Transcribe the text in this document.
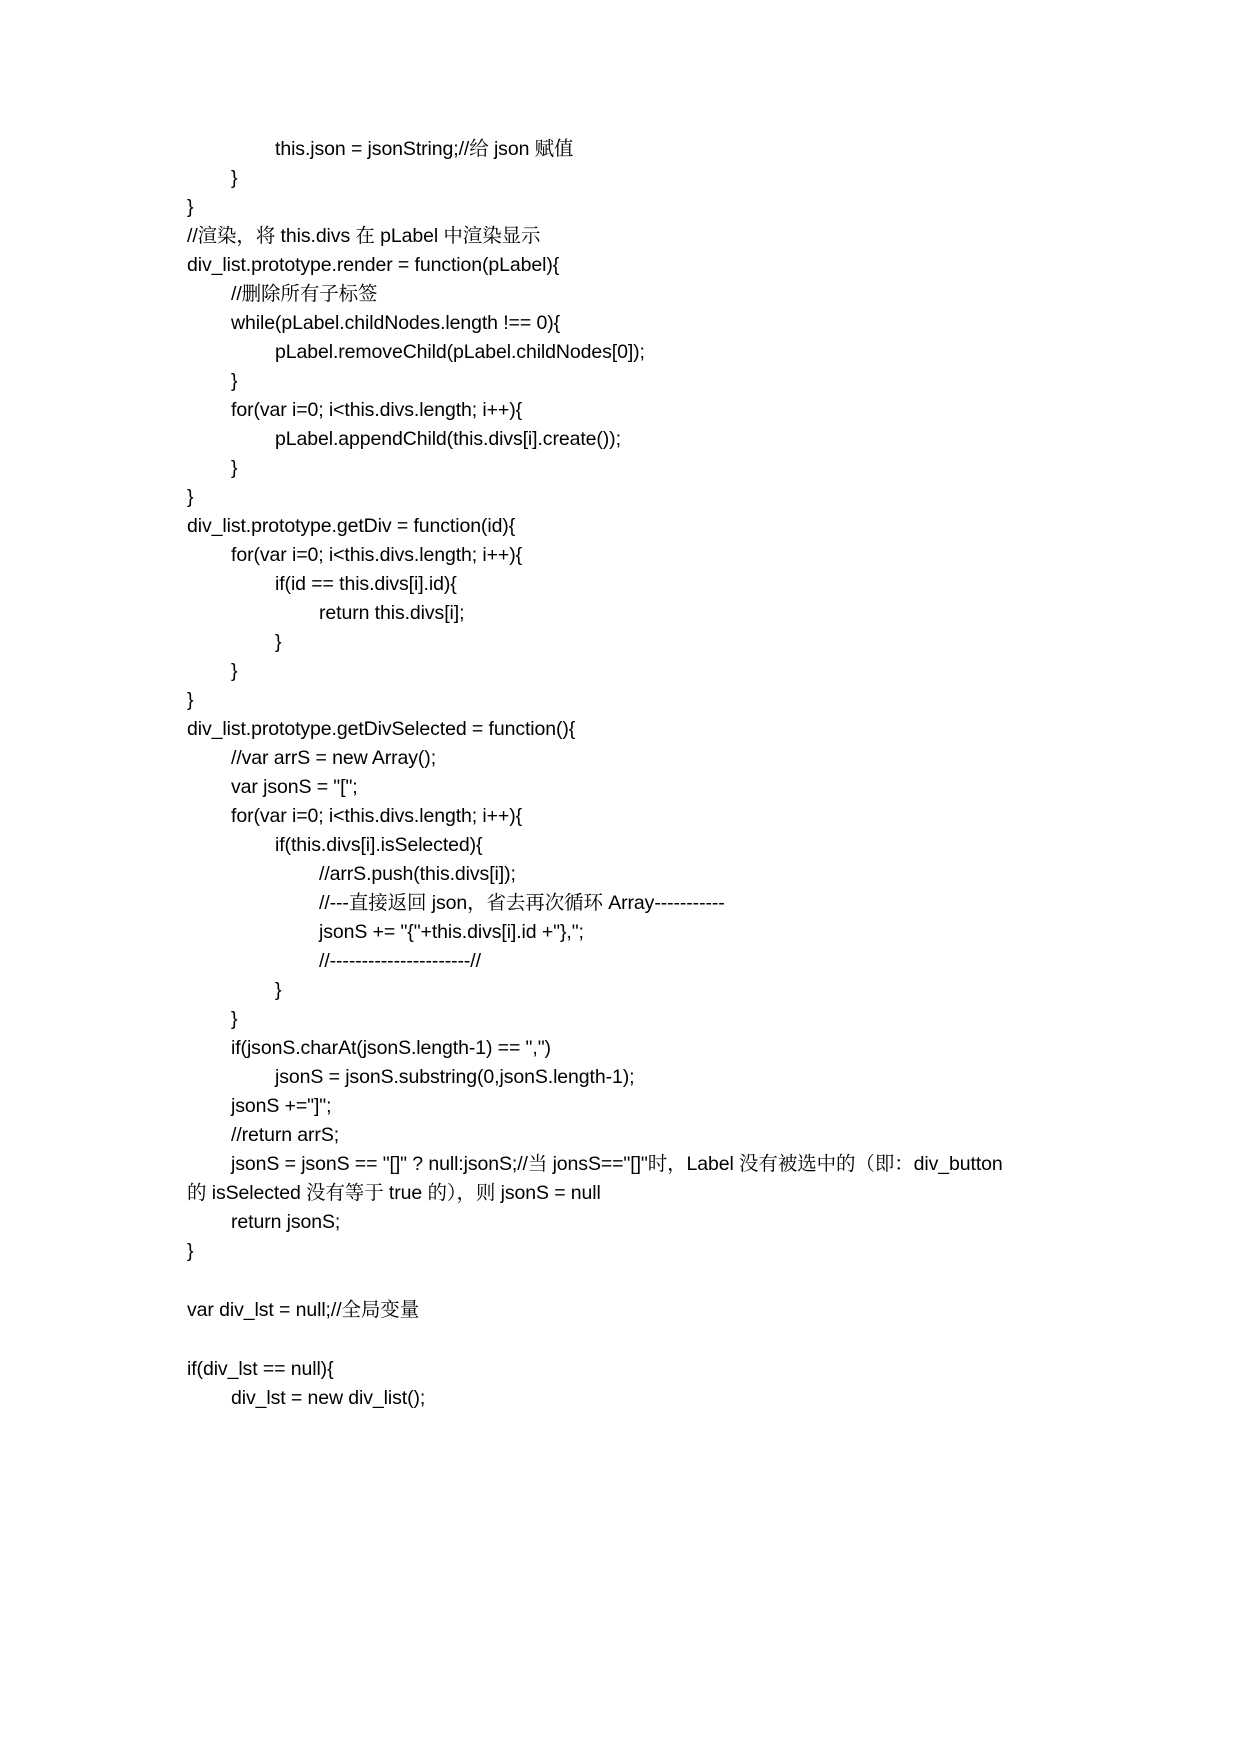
this.json = jsonString;//给 json 赋值
}
}
//渲染，将 this.divs 在 pLabel 中渲染显示
div_list.prototype.render = function(pLabel){
//删除所有子标签
while(pLabel.childNodes.length !== 0){
pLabel.removeChild(pLabel.childNodes[0]);
}
for(var i=0; i<this.divs.length; i++){
pLabel.appendChild(this.divs[i].create());
}
}
div_list.prototype.getDiv = function(id){
for(var i=0; i<this.divs.length; i++){
if(id == this.divs[i].id){
return this.divs[i];
}
}
}
div_list.prototype.getDivSelected = function(){
//var arrS = new Array();
var jsonS = "[";
for(var i=0; i<this.divs.length; i++){
if(this.divs[i].isSelected){
//arrS.push(this.divs[i]);
//---直接返回 json，省去再次循环 Array-----------
jsonS += "{"+this.divs[i].id +"},";
//----------------------//
}
}
if(jsonS.charAt(jsonS.length-1) == ",")
jsonS = jsonS.substring(0,jsonS.length-1);
jsonS +="]";
//return arrS;
jsonS = jsonS == "[]" ? null:jsonS;//当 jonsS=="[]"时，Label 没有被选中的（即：div_button
的 isSelected 没有等于 true 的），则 jsonS = null
return jsonS;
}
var div_lst = null;//全局变量
if(div_lst == null){
div_lst = new div_list();
